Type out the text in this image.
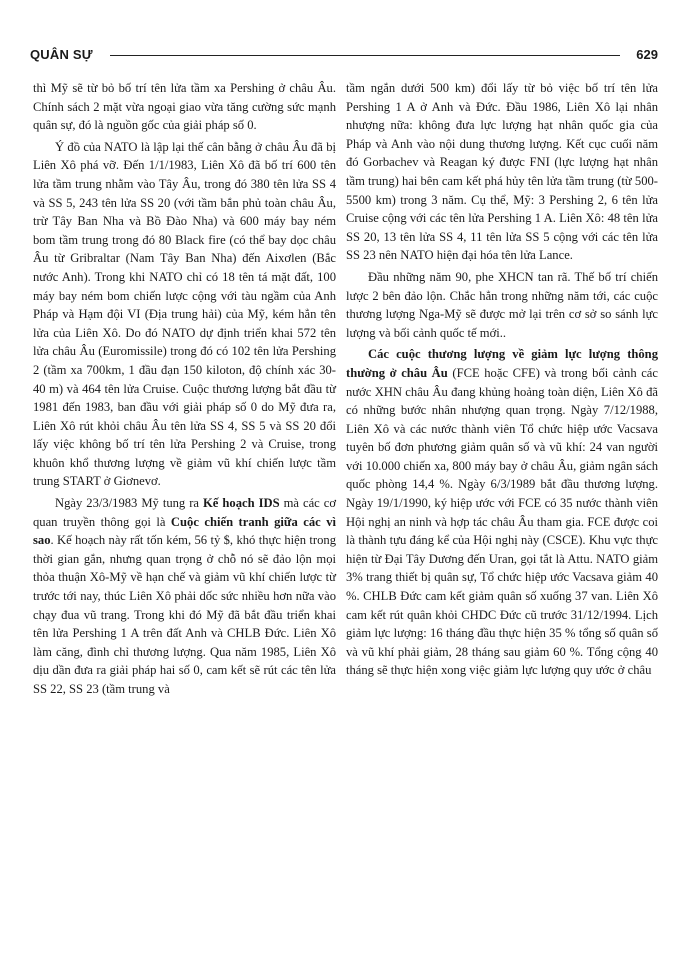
QUÂN SỰ	629

thì Mỹ sẽ từ bỏ bố trí tên lửa tầm xa Pershing ở châu Âu. Chính sách 2 mặt vừa ngoại giao vừa tăng cường sức mạnh quân sự, đó là nguồn gốc của giải pháp số 0.

Ý đồ của NATO là lập lại thế cân bằng ở châu Âu đã bị Liên Xô phá vỡ. Đến 1/1/1983, Liên Xô đã bố trí 600 tên lửa tầm trung nhằm vào Tây Âu, trong đó 380 tên lửa SS 4 và SS 5, 243 tên lửa SS 20 (với tầm bắn phủ toàn châu Âu, trừ Tây Ban Nha và Bồ Đào Nha) và 600 máy bay ném bom tầm trung trong đó 80 Black fire (có thể bay dọc châu Âu từ Gribraltar (Nam Tây Ban Nha) đến Aixơlen (Bắc nước Anh). Trong khi NATO chỉ có 18 tên tá mặt đất, 100 máy bay ném bom chiến lược cộng với tàu ngầm của Anh Pháp và Hạm đội VI (Địa trung hải) của Mỹ, kém hẳn tên lửa của Liên Xô. Do đó NATO dự định triển khai 572 tên lửa châu Âu (Euromissile) trong đó có 102 tên lửa Pershing 2 (tầm xa 700km, 1 đầu đạn 150 kiloton, độ chính xác 30-40 m) và 464 tên lửa Cruise. Cuộc thương lượng bắt đầu từ 1981 đến 1983, ban đầu với giải pháp số 0 do Mỹ đưa ra, Liên Xô rút khỏi châu Âu tên lửa SS 4, SS 5 và SS 20 đổi lấy việc không bố trí tên lửa Pershing 2 và Cruise, trong khuôn khổ thương lượng về giảm vũ khí chiến lược tầm trung START ở Giơnevơ.

Ngày 23/3/1983 Mỹ tung ra Kế hoạch IDS mà các cơ quan truyền thông gọi là Cuộc chiến tranh giữa các vì sao. Kế hoạch này rất tốn kém, 56 tỷ $, khó thực hiện trong thời gian gắn, nhưng quan trọng ở chỗ nó sẽ đảo lộn mọi thỏa thuận Xô-Mỹ về hạn chế và giảm vũ khí chiến lược từ trước tới nay, thúc Liên Xô phải dốc sức nhiều hơn nữa vào chạy đua vũ trang. Trong khi đó Mỹ đã bắt đầu triển khai tên lửa Pershing 1 A trên đất Anh và CHLB Đức. Liên Xô làm căng, đình chỉ thương lượng. Qua năm 1985, Liên Xô dịu dần đưa ra giải pháp hai số 0, cam kết sẽ rút các tên lửa SS 22, SS 23 (tầm trung và

tầm ngắn dưới 500 km) đổi lấy từ bỏ việc bố trí tên lửa Pershing 1 A ở Anh và Đức. Đầu 1986, Liên Xô lại nhân nhượng nữa: không đưa lực lượng hạt nhân quốc gia của Pháp và Anh vào nội dung thương lượng. Kết cục cuối năm đó Gorbachev và Reagan ký được FNI (lực lượng hạt nhân tầm trung) hai bên cam kết phá hủy tên lửa tầm trung (từ 500-5500 km) trong 3 năm. Cụ thể, Mỹ: 3 Pershing 2, 6 tên lửa Cruise cộng với các tên lửa Pershing 1 A. Liên Xô: 48 tên lửa SS 20, 13 tên lửa SS 4, 11 tên lửa SS 5 cộng với các tên lửa SS 23 nên NATO hiện đại hóa tên lửa Lance.

Đầu những năm 90, phe XHCN tan rã. Thế bố trí chiến lược 2 bên đảo lộn. Chắc hẳn trong những năm tới, các cuộc thương lượng Nga-Mỹ sẽ được mở lại trên cơ sở so sánh lực lượng và bối cảnh quốc tế mới..

Các cuộc thương lượng về giảm lực lượng thông thường ở châu Âu (FCE hoặc CFE) và trong bối cảnh các nước XHN châu Âu đang khủng hoảng toàn diện, Liên Xô đã có những bước nhân nhượng quan trọng. Ngày 7/12/1988, Liên Xô và các nước thành viên Tổ chức hiệp ước Vacsava tuyên bố đơn phương giảm quân số và vũ khí: 24 van người với 10.000 chiến xa, 800 máy bay ở châu Âu, giảm ngân sách quốc phòng 14,4 %. Ngày 6/3/1989 bắt đầu thương lượng. Ngày 19/1/1990, ký hiệp ước với FCE có 35 nước thành viên Hội nghị an ninh và hợp tác châu Âu tham gia. FCE được coi là thành tựu đáng kể của Hội nghị này (CSCE). Khu vực thực hiện từ Đại Tây Dương đến Uran, gọi tắt là Attu. NATO giảm 3% trang thiết bị quân sự, Tổ chức hiệp ước Vacsava giảm 40 %. CHLB Đức cam kết giảm quân số xuống 37 van. Liên Xô cam kết rút quân khỏi CHDC Đức cũ trước 31/12/1994. Lịch giảm lực lượng: 16 tháng đầu thực hiện 35 % tổng số quân số và vũ khí phải giảm, 28 tháng sau giảm 60 %. Tổng cộng 40 tháng sẽ thực hiện xong việc giảm lực lượng quy ước ở châu
